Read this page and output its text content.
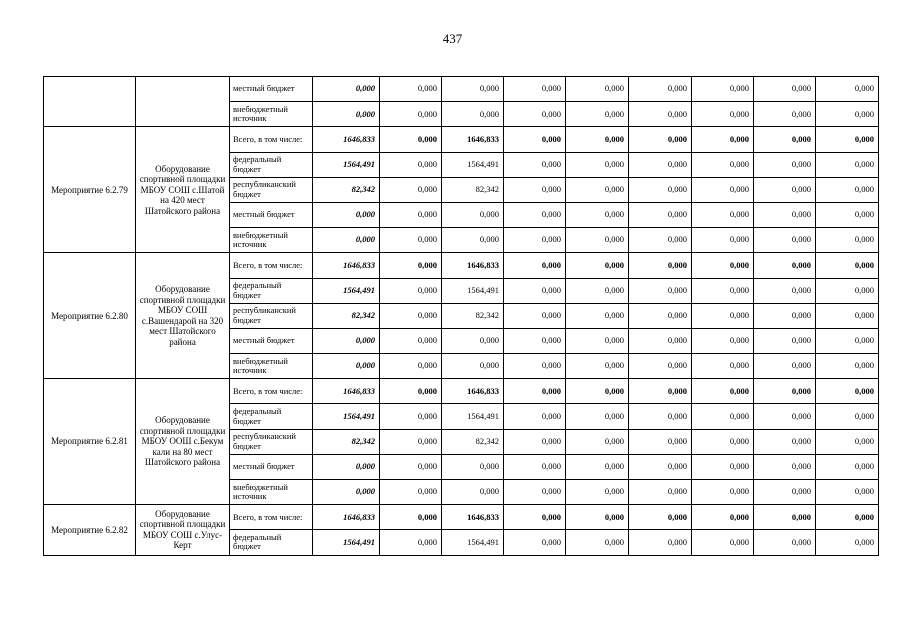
437
		местный бюджет	0,000	0,000	0,000	0,000	0,000	0,000	0,000	0,000	0,000
		внебюджетный источник	0,000	0,000	0,000	0,000	0,000	0,000	0,000	0,000	0,000
Мероприятие 6.2.79	Оборудование спортивной площадки МБОУ СОШ с.Шатой на 420 мест Шатойского района	Всего, в том числе:	1646,833	0,000	1646,833	0,000	0,000	0,000	0,000	0,000	0,000
		федеральный бюджет	1564,491	0,000	1564,491	0,000	0,000	0,000	0,000	0,000	0,000
		республиканский бюджет	82,342	0,000	82,342	0,000	0,000	0,000	0,000	0,000	0,000
		местный бюджет	0,000	0,000	0,000	0,000	0,000	0,000	0,000	0,000	0,000
		внебюджетный источник	0,000	0,000	0,000	0,000	0,000	0,000	0,000	0,000	0,000
Мероприятие 6.2.80	Оборудование спортивной площадки МБОУ СОШ с.Вашендарой на 320 мест Шатойского района	Всего, в том числе:	1646,833	0,000	1646,833	0,000	0,000	0,000	0,000	0,000	0,000
		федеральный бюджет	1564,491	0,000	1564,491	0,000	0,000	0,000	0,000	0,000	0,000
		республиканский бюджет	82,342	0,000	82,342	0,000	0,000	0,000	0,000	0,000	0,000
		местный бюджет	0,000	0,000	0,000	0,000	0,000	0,000	0,000	0,000	0,000
		внебюджетный источник	0,000	0,000	0,000	0,000	0,000	0,000	0,000	0,000	0,000
Мероприятие 6.2.81	Оборудование спортивной площадки МБОУ ООШ с.Бекум кали на 80 мест Шатойского района	Всего, в том числе:	1646,833	0,000	1646,833	0,000	0,000	0,000	0,000	0,000	0,000
		федеральный бюджет	1564,491	0,000	1564,491	0,000	0,000	0,000	0,000	0,000	0,000
		республиканский бюджет	82,342	0,000	82,342	0,000	0,000	0,000	0,000	0,000	0,000
		местный бюджет	0,000	0,000	0,000	0,000	0,000	0,000	0,000	0,000	0,000
		внебюджетный источник	0,000	0,000	0,000	0,000	0,000	0,000	0,000	0,000	0,000
Мероприятие 6.2.82	Оборудование спортивной площадки МБОУ СОШ с.Улус-Керт	Всего, в том числе:	1646,833	0,000	1646,833	0,000	0,000	0,000	0,000	0,000	0,000
		федеральный бюджет	1564,491	0,000	1564,491	0,000	0,000	0,000	0,000	0,000	0,000
